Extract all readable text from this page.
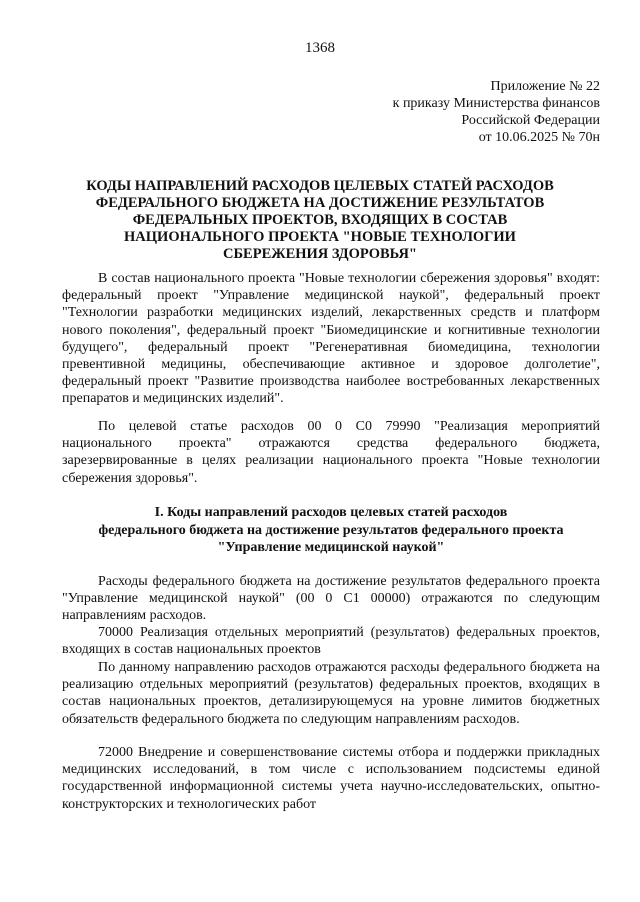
1368
Приложение № 22
к приказу Министерства финансов
Российской Федерации
от 10.06.2025 № 70н
КОДЫ НАПРАВЛЕНИЙ РАСХОДОВ ЦЕЛЕВЫХ СТАТЕЙ РАСХОДОВ
ФЕДЕРАЛЬНОГО БЮДЖЕТА НА ДОСТИЖЕНИЕ РЕЗУЛЬТАТОВ
ФЕДЕРАЛЬНЫХ ПРОЕКТОВ, ВХОДЯЩИХ В СОСТАВ
НАЦИОНАЛЬНОГО ПРОЕКТА "НОВЫЕ ТЕХНОЛОГИИ
СБЕРЕЖЕНИЯ ЗДОРОВЬЯ"

В состав национального проекта "Новые технологии сбережения здоровья" входят: федеральный проект "Управление медицинской наукой", федеральный проект "Технологии разработки медицинских изделий, лекарственных средств и платформ нового поколения", федеральный проект "Биомедицинские и когнитивные технологии будущего", федеральный проект "Регенеративная биомедицина, технологии превентивной медицины, обеспечивающие активное и здоровое долголетие", федеральный проект "Развитие производства наиболее востребованных лекарственных препаратов и медицинских изделий".

По целевой статье расходов 00 0 C0 79990 "Реализация мероприятий национального проекта" отражаются средства федерального бюджета, зарезервированные в целях реализации национального проекта "Новые технологии сбережения здоровья".

I. Коды направлений расходов целевых статей расходов
федерального бюджета на достижение результатов федерального проекта
"Управление медицинской наукой"

Расходы федерального бюджета на достижение результатов федерального проекта "Управление медицинской наукой" (00 0 C1 00000) отражаются по следующим направлениям расходов.

70000 Реализация отдельных мероприятий (результатов) федеральных проектов, входящих в состав национальных проектов

По данному направлению расходов отражаются расходы федерального бюджета на реализацию отдельных мероприятий (результатов) федеральных проектов, входящих в состав национальных проектов, детализирующемуся на уровне лимитов бюджетных обязательств федерального бюджета по следующим направлениям расходов.

72000 Внедрение и совершенствование системы отбора и поддержки прикладных медицинских исследований, в том числе с использованием подсистемы единой государственной информационной системы учета научно-исследовательских, опытно-конструкторских и технологических работ
